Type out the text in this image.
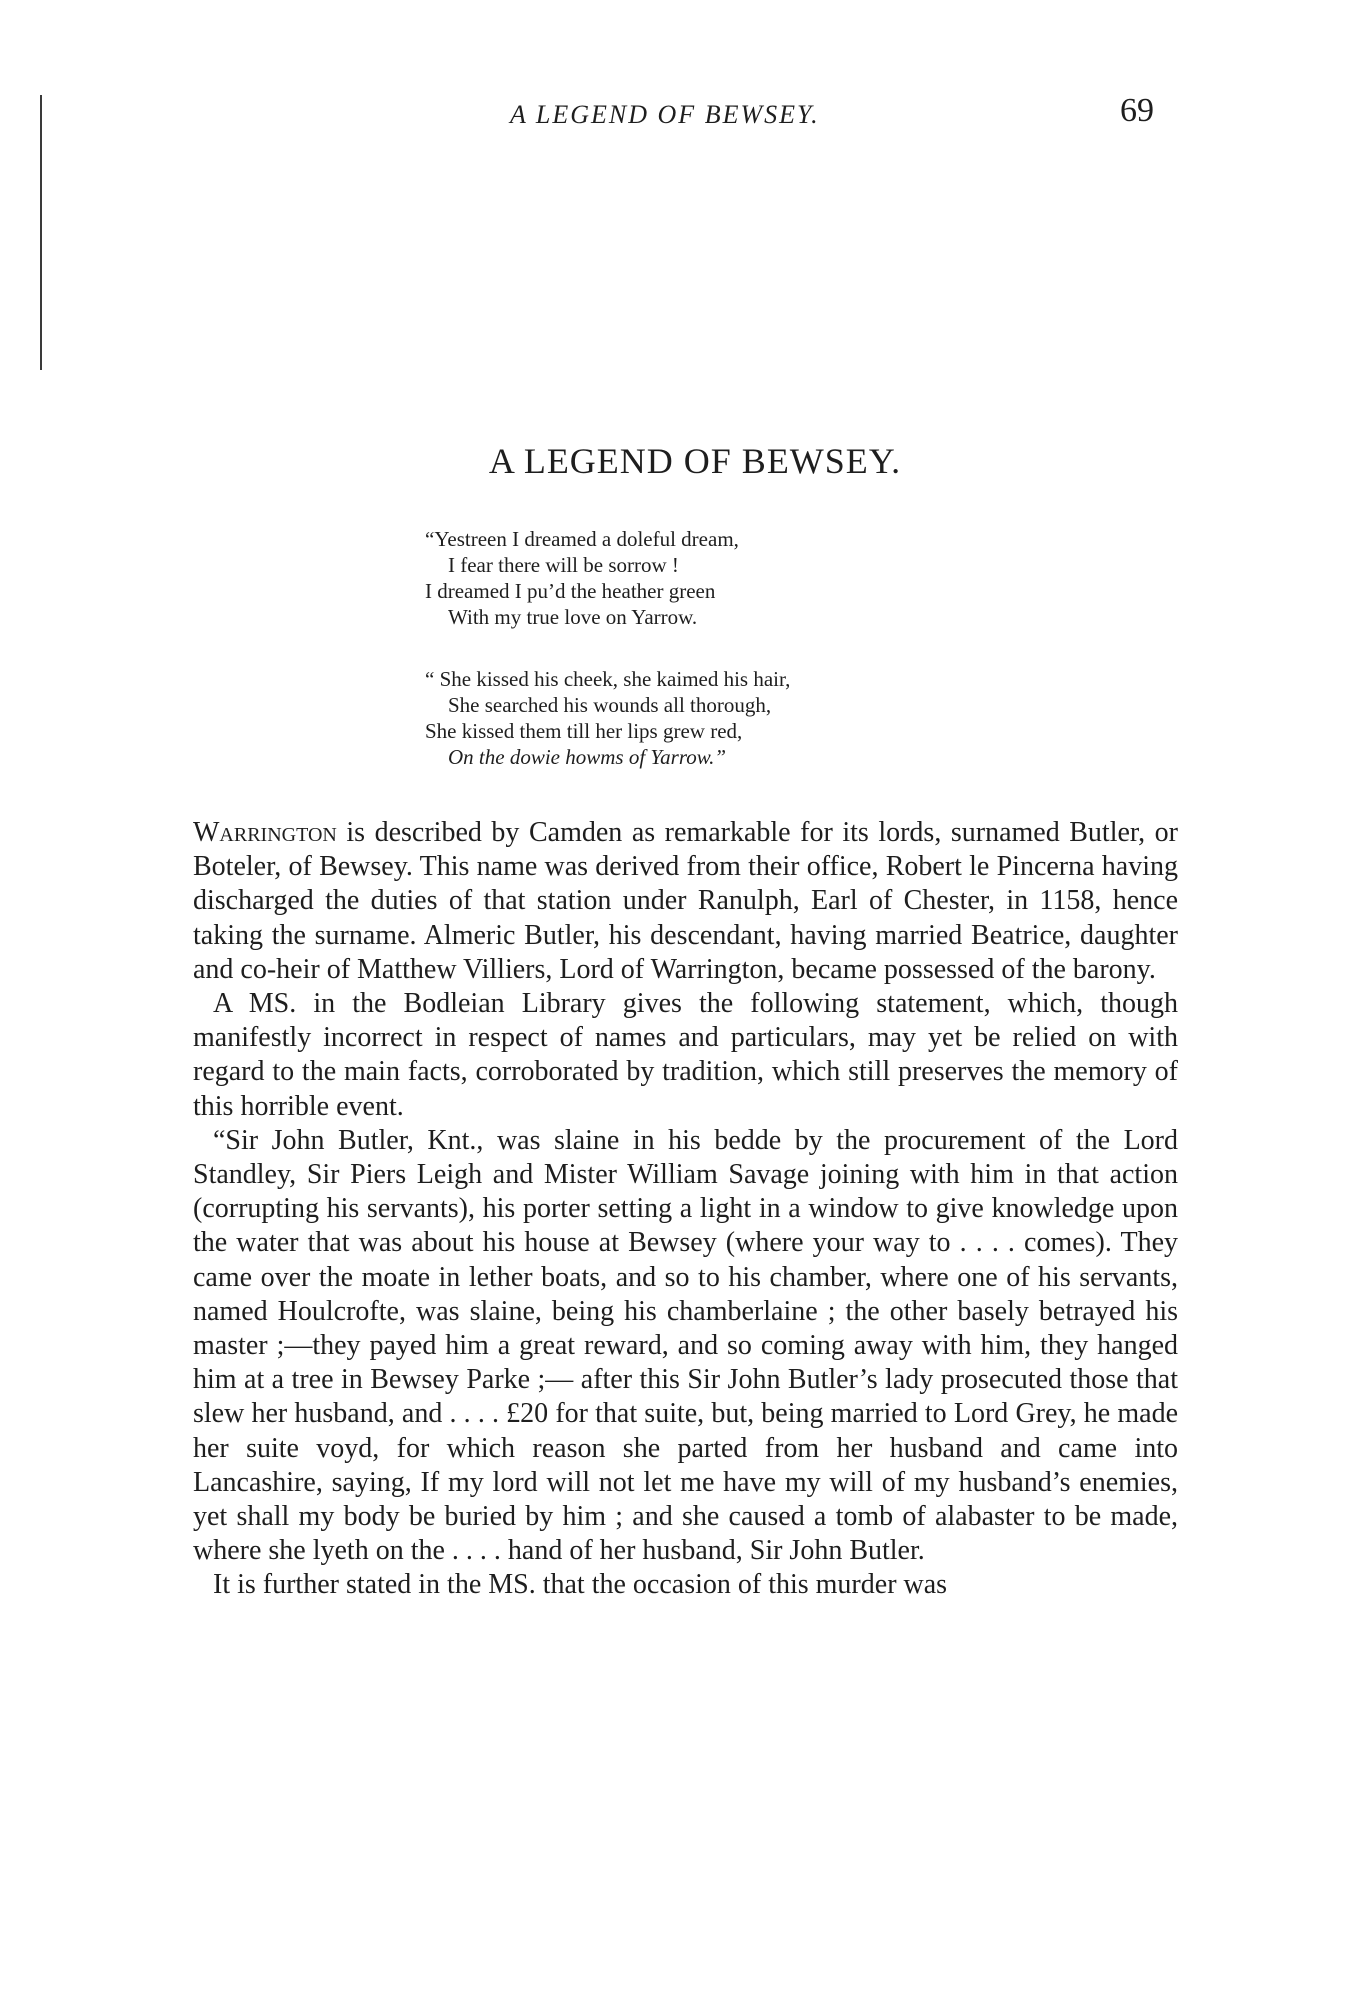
A LEGEND OF BEWSEY.	69
A LEGEND OF BEWSEY.
“Yestreen I dreamed a doleful dream,
I fear there will be sorrow !
I dreamed I pu’d the heather green
With my true love on Yarrow.
“ She kissed his cheek, she kaimed his hair,
She searched his wounds all thorough,
She kissed them till her lips grew red,
On the dowie howms of Yarrow.”

Warrington is described by Camden as remarkable for its lords, surnamed Butler, or Boteler, of Bewsey. This name was derived from their office, Robert le Pincerna having discharged the duties of that station under Ranulph, Earl of Chester, in 1158, hence taking the surname. Almeric Butler, his descendant, having married Beatrice, daughter and co-heir of Matthew Villiers, Lord of Warrington, became possessed of the barony.

A MS. in the Bodleian Library gives the following statement, which, though manifestly incorrect in respect of names and particulars, may yet be relied on with regard to the main facts, corroborated by tradition, which still preserves the memory of this horrible event.

“Sir John Butler, Knt., was slaine in his bedde by the procurement of the Lord Standley, Sir Piers Leigh and Mister William Savage joining with him in that action (corrupting his servants), his porter setting a light in a window to give knowledge upon the water that was about his house at Bewsey (where your way to . . . . comes). They came over the moate in lether boats, and so to his chamber, where one of his servants, named Houlcrofte, was slaine, being his chamberlaine ; the other basely betrayed his master ;—they payed him a great reward, and so coming away with him, they hanged him at a tree in Bewsey Parke ;— after this Sir John Butler’s lady prosecuted those that slew her husband, and . . . . £20 for that suite, but, being married to Lord Grey, he made her suite voyd, for which reason she parted from her husband and came into Lancashire, saying, If my lord will not let me have my will of my husband’s enemies, yet shall my body be buried by him ; and she caused a tomb of alabaster to be made, where she lyeth on the . . . . hand of her husband, Sir John Butler.

It is further stated in the MS. that the occasion of this murder was
